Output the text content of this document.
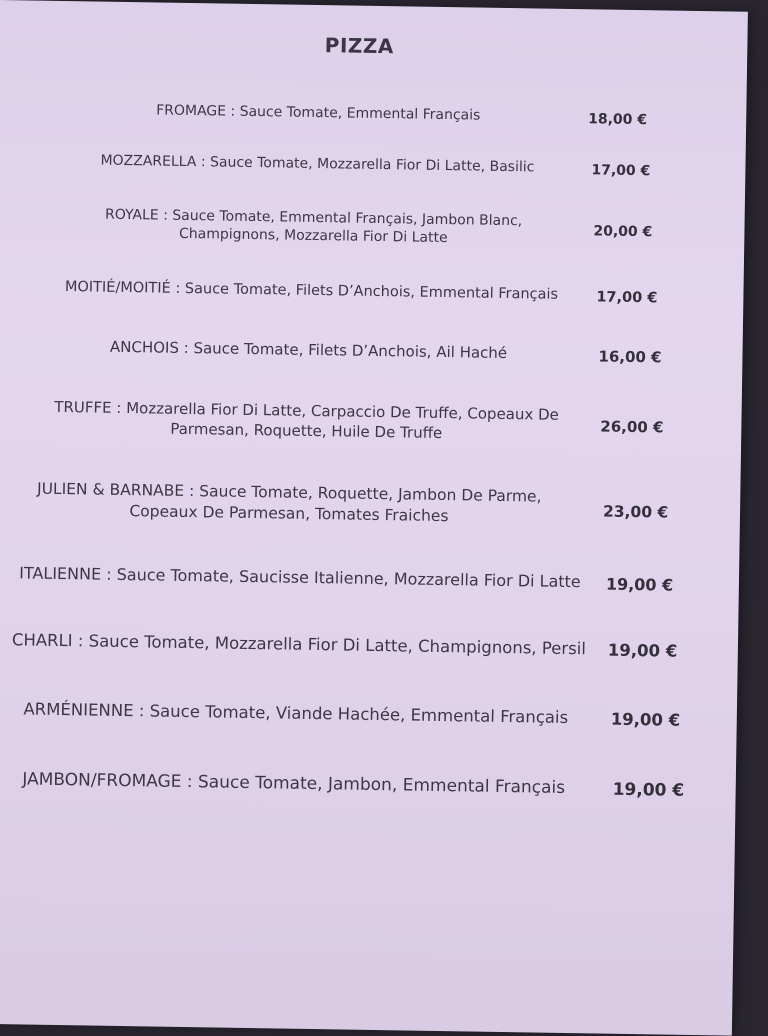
PIZZA
FROMAGE : Sauce Tomate, Emmental Français	18,00 €
MOZZARELLA : Sauce Tomate, Mozzarella Fior Di Latte, Basilic	17,00 €
ROYALE : Sauce Tomate, Emmental Français, Jambon Blanc,
Champignons, Mozzarella Fior Di Latte	20,00 €
MOITIÉ/MOITIÉ : Sauce Tomate, Filets D’Anchois, Emmental Français	17,00 €
ANCHOIS : Sauce Tomate, Filets D’Anchois, Ail Haché	16,00 €
TRUFFE : Mozzarella Fior Di Latte, Carpaccio De Truffe, Copeaux De
Parmesan, Roquette, Huile De Truffe	26,00 €
JULIEN & BARNABE : Sauce Tomate, Roquette, Jambon De Parme,
Copeaux De Parmesan, Tomates Fraiches	23,00 €
ITALIENNE : Sauce Tomate, Saucisse Italienne, Mozzarella Fior Di Latte	19,00 €
CHARLI : Sauce Tomate, Mozzarella Fior Di Latte, Champignons, Persil	19,00 €
ARMÉNIENNE : Sauce Tomate, Viande Hachée, Emmental Français	19,00 €
JAMBON/FROMAGE : Sauce Tomate, Jambon, Emmental Français	19,00 €
